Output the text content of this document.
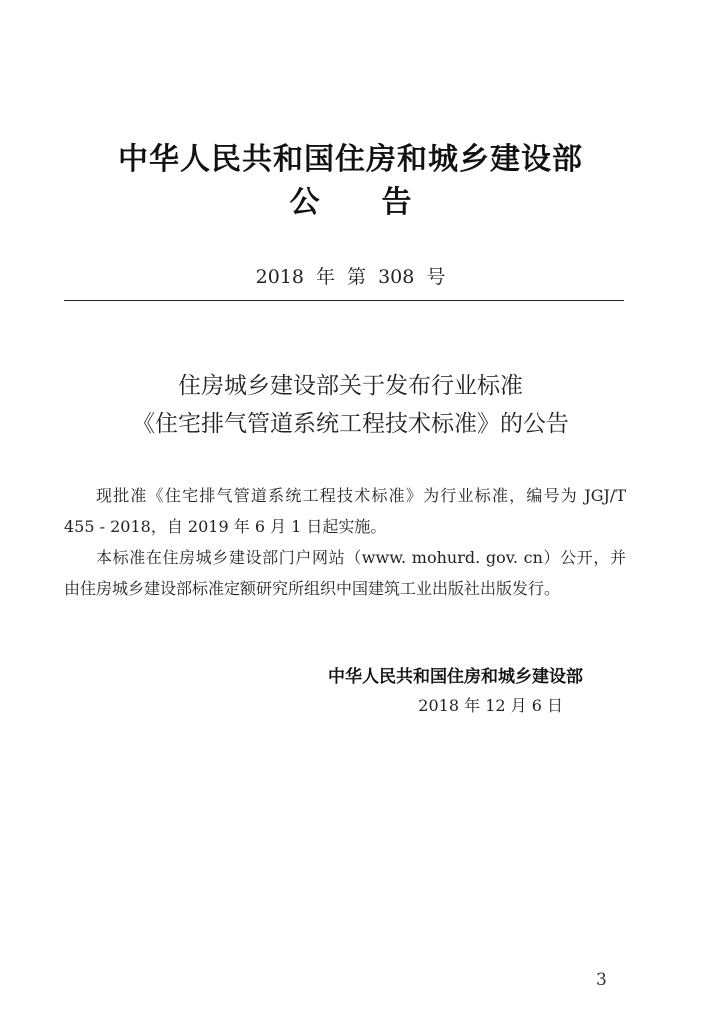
中华人民共和国住房和城乡建设部
公 告
2018 年 第 308 号
住房城乡建设部关于发布行业标准
《住宅排气管道系统工程技术标准》的公告

现批准《住宅排气管道系统工程技术标准》为行业标准，编号为 JGJ/T 455 - 2018，自 2019 年 6 月 1 日起实施。

本标准在住房城乡建设部门户网站（www. mohurd. gov. cn）公开，并由住房城乡建设部标准定额研究所组织中国建筑工业出版社出版发行。

中华人民共和国住房和城乡建设部
2018 年 12 月 6 日
3
